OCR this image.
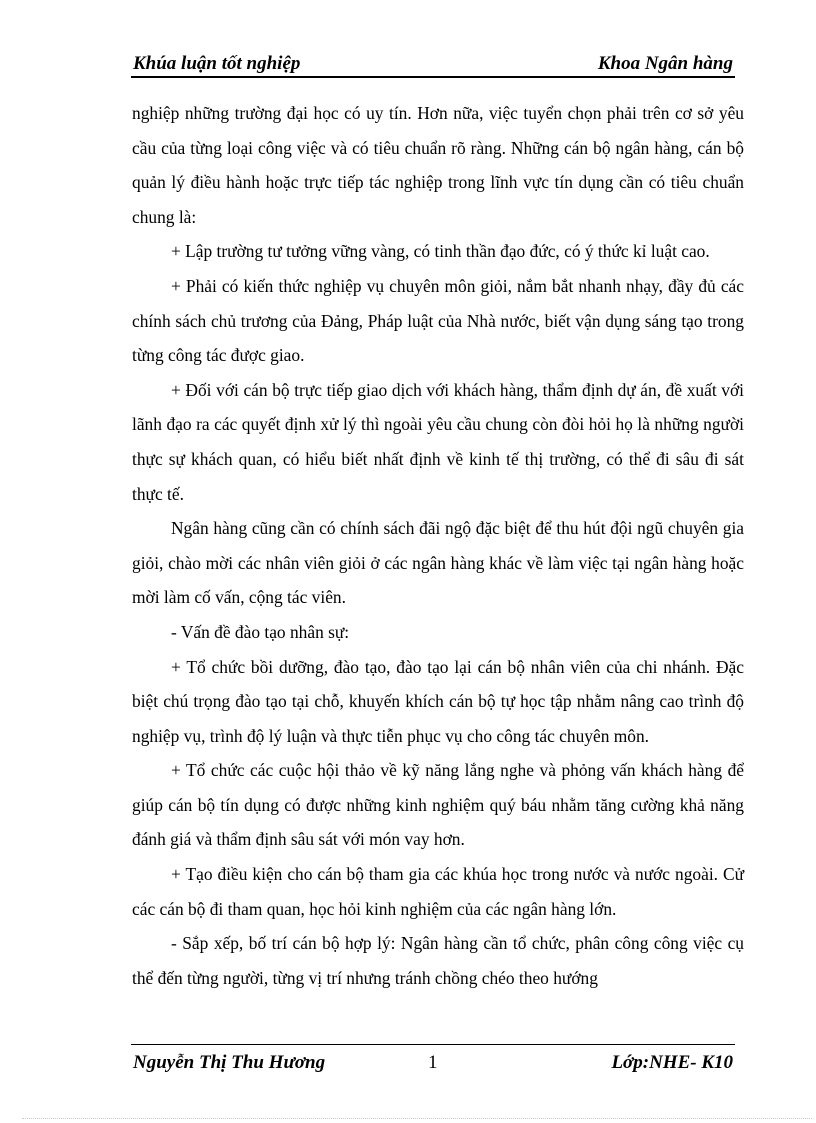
Khúa luận tốt nghiệp	Khoa Ngân hàng

nghiệp những trường đại học có uy tín. Hơn nữa, việc tuyển chọn phải trên cơ sở yêu cầu của từng loại công việc và có tiêu chuẩn rõ ràng. Những cán bộ ngân hàng, cán bộ quản lý điều hành hoặc trực tiếp tác nghiệp trong lĩnh vực tín dụng cần có tiêu chuẩn chung là:

+ Lập trường tư tưởng vững vàng, có tinh thần đạo đức, có ý thức kỉ luật cao.

+ Phải có kiến thức nghiệp vụ chuyên môn giỏi, nắm bắt nhanh nhạy, đầy đủ các chính sách chủ trương của Đảng, Pháp luật của Nhà nước, biết vận dụng sáng tạo trong từng công tác được giao.

+ Đối với cán bộ trực tiếp giao dịch với khách hàng, thẩm định dự án, đề xuất với lãnh đạo ra các quyết định xử lý thì ngoài yêu cầu chung còn đòi hỏi họ là những người thực sự khách quan, có hiểu biết nhất định về kinh tế thị trường, có thể đi sâu đi sát thực tế.

Ngân hàng cũng cần có chính sách đãi ngộ đặc biệt để thu hút đội ngũ chuyên gia giỏi, chào mời các nhân viên giỏi ở các ngân hàng khác về làm việc tại ngân hàng hoặc mời làm cố vấn, cộng tác viên.

- Vấn đề đào tạo nhân sự:

+ Tổ chức bồi dưỡng, đào tạo, đào tạo lại cán bộ nhân viên của chi nhánh. Đặc biệt chú trọng đào tạo tại chỗ, khuyến khích cán bộ tự học tập nhằm nâng cao trình độ nghiệp vụ, trình độ lý luận và thực tiễn phục vụ cho công tác chuyên môn.

+ Tổ chức các cuộc hội thảo về kỹ năng lắng nghe và phỏng vấn khách hàng để giúp cán bộ tín dụng có được những kinh nghiệm quý báu nhằm tăng cường khả năng đánh giá và thẩm định sâu sát với món vay hơn.

+ Tạo điều kiện cho cán bộ tham gia các khúa học trong nước và nước ngoài. Cử các cán bộ đi tham quan, học hỏi kinh nghiệm của các ngân hàng lớn.

- Sắp xếp, bố trí cán bộ hợp lý: Ngân hàng cần tổ chức, phân công công việc cụ thể đến từng người, từng vị trí nhưng tránh chồng chéo theo hướng

Nguyễn Thị Thu Hương	1	Lớp:NHE- K10
